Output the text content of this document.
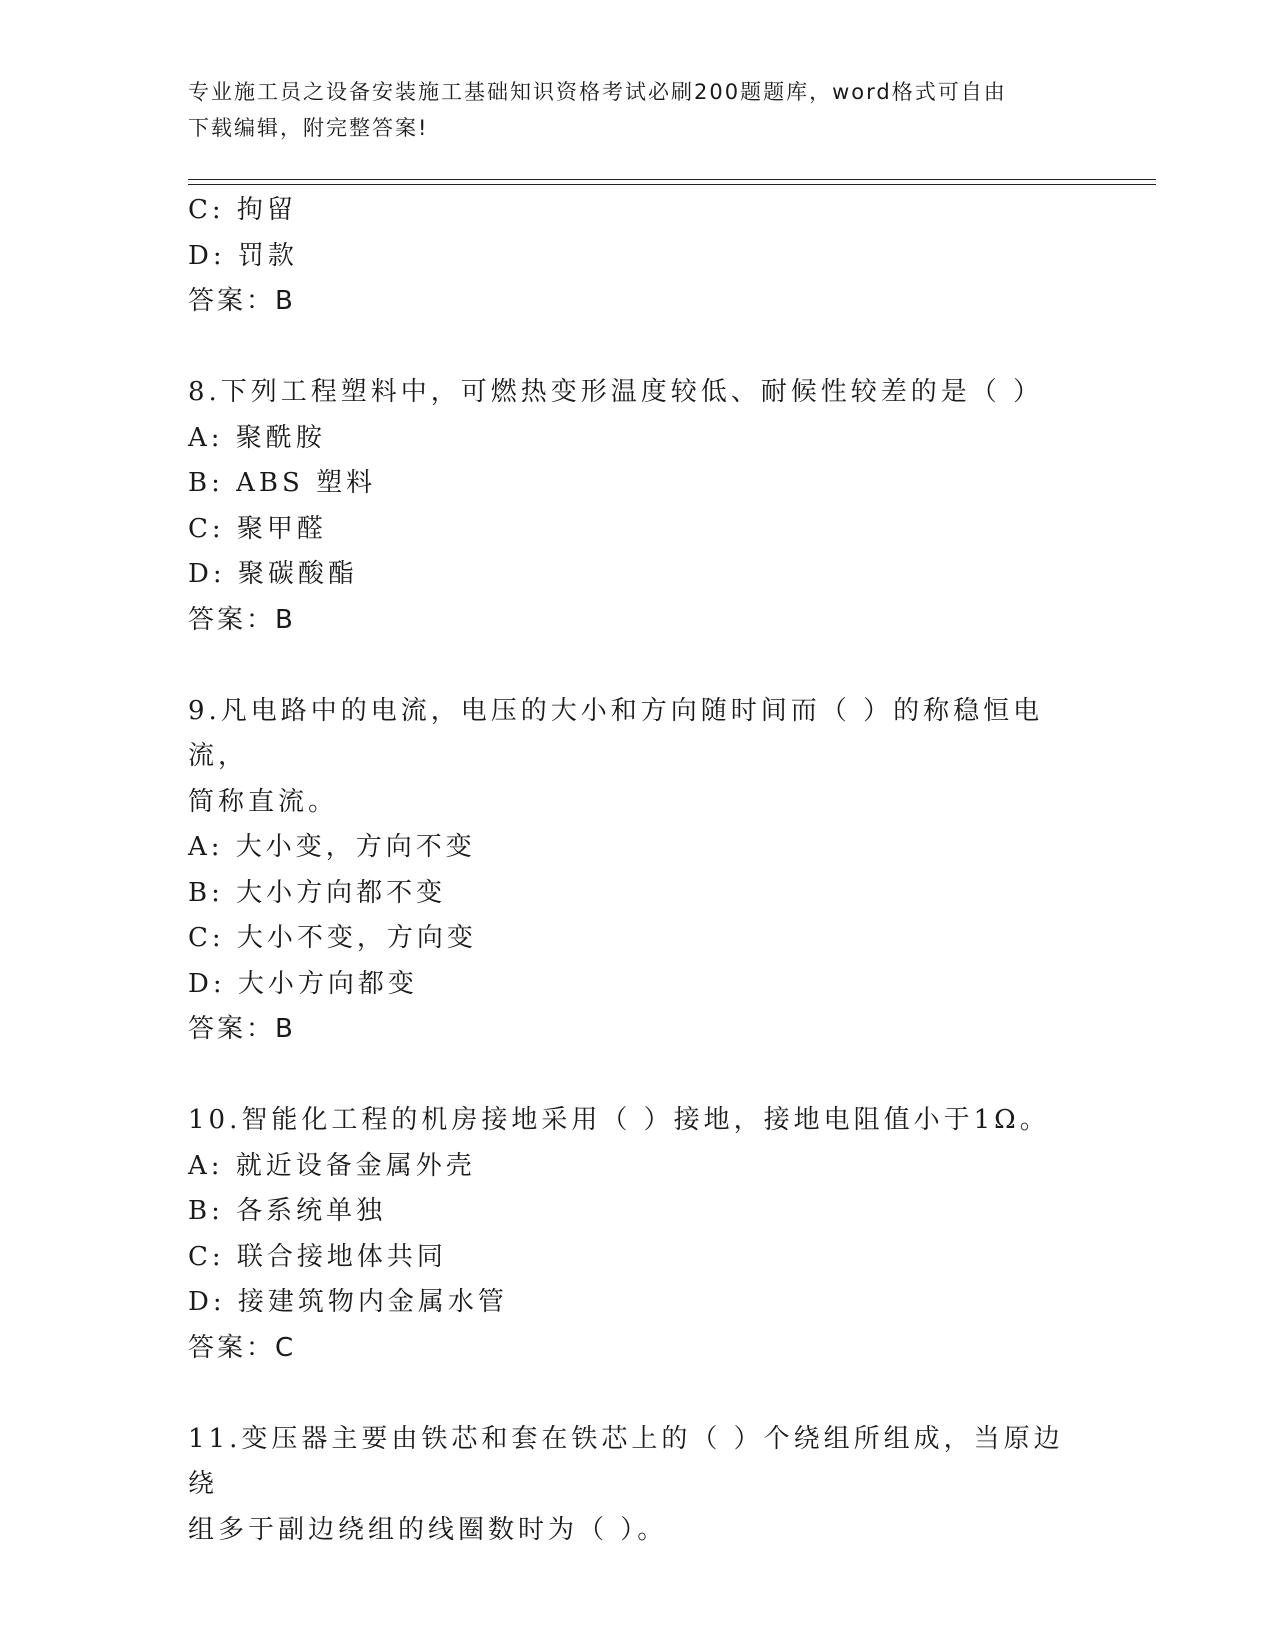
专业施工员之设备安装施工基础知识资格考试必刷200题题库，word格式可自由
下载编辑，附完整答案!
C: 拘留
D: 罚款
答案：B
8.下列工程塑料中，可燃热变形温度较低、耐候性较差的是（ ）
A: 聚酰胺
B: ABS 塑料
C: 聚甲醛
D: 聚碳酸酯
答案：B
9.凡电路中的电流，电压的大小和方向随时间而（ ）的称稳恒电流，
简称直流。
A: 大小变，方向不变
B: 大小方向都不变
C: 大小不变，方向变
D: 大小方向都变
答案：B
10.智能化工程的机房接地采用（ ）接地，接地电阻值小于1Ω。
A: 就近设备金属外壳
B: 各系统单独
C: 联合接地体共同
D: 接建筑物内金属水管
答案：C
11.变压器主要由铁芯和套在铁芯上的（ ）个绕组所组成，当原边绕
组多于副边绕组的线圈数时为（ ）。
